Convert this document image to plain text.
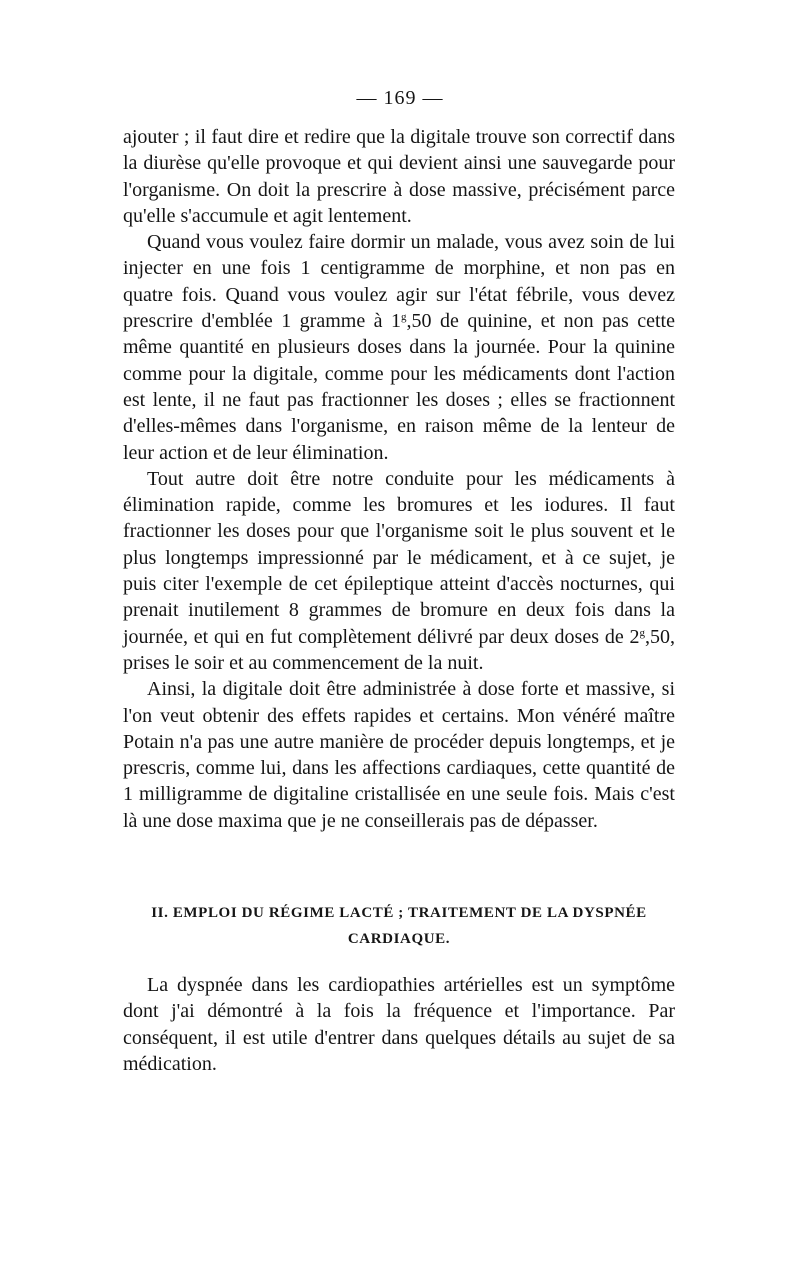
— 169 —

ajouter ; il faut dire et redire que la digitale trouve son correctif dans la diurèse qu'elle provoque et qui devient ainsi une sauvegarde pour l'organisme. On doit la prescrire à dose massive, précisément parce qu'elle s'accumule et agit lentement.

Quand vous voulez faire dormir un malade, vous avez soin de lui injecter en une fois 1 centigramme de morphine, et non pas en quatre fois. Quand vous voulez agir sur l'état fébrile, vous devez prescrire d'emblée 1 gramme à 1$^g$,50 de quinine, et non pas cette même quantité en plusieurs doses dans la journée. Pour la quinine comme pour la digitale, comme pour les médicaments dont l'action est lente, il ne faut pas fractionner les doses ; elles se fractionnent d'elles-mêmes dans l'organisme, en raison même de la lenteur de leur action et de leur élimination.

Tout autre doit être notre conduite pour les médicaments à élimination rapide, comme les bromures et les iodures. Il faut fractionner les doses pour que l'organisme soit le plus souvent et le plus longtemps impressionné par le médicament, et à ce sujet, je puis citer l'exemple de cet épileptique atteint d'accès nocturnes, qui prenait inutilement 8 grammes de bromure en deux fois dans la journée, et qui en fut complètement délivré par deux doses de 2$^g$,50, prises le soir et au commencement de la nuit.

Ainsi, la digitale doit être administrée à dose forte et massive, si l'on veut obtenir des effets rapides et certains. Mon vénéré maître Potain n'a pas une autre manière de procéder depuis longtemps, et je prescris, comme lui, dans les affections cardiaques, cette quantité de 1 milligramme de digitaline cristallisée en une seule fois. Mais c'est là une dose maxima que je ne conseillerais pas de dépasser.

II. EMPLOI DU RÉGIME LACTÉ ; TRAITEMENT DE LA DYSPNÉE
CARDIAQUE.

La dyspnée dans les cardiopathies artérielles est un symptôme dont j'ai démontré à la fois la fréquence et l'importance. Par conséquent, il est utile d'entrer dans quelques détails au sujet de sa médication.
